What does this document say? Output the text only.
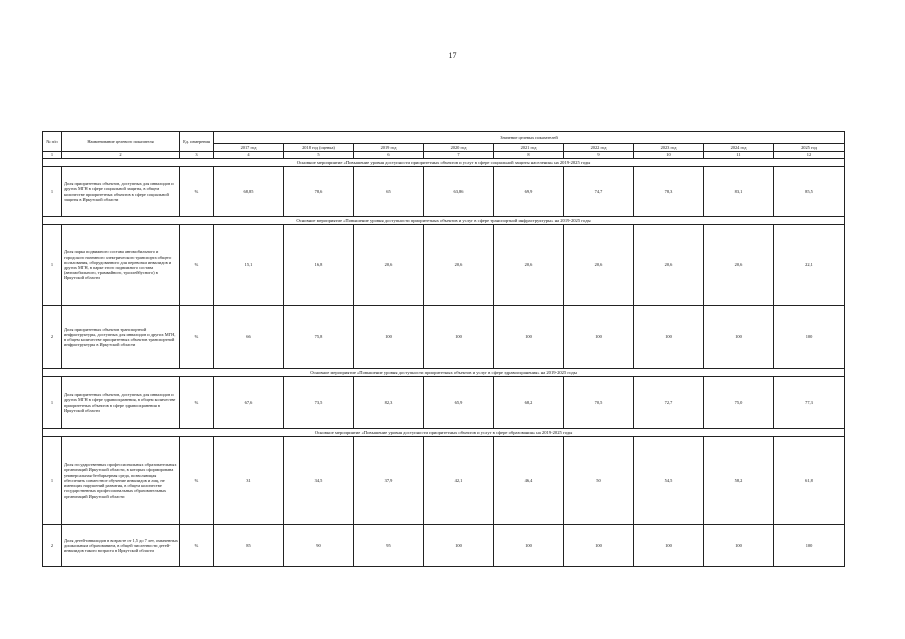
17
№ п/п	Наименование целевого показателя	Ед. измерения	Значение целевых показателей								
			2017 год	2018 год (оценка)	2019 год	2020 год	2021 год	2022 год	2023 год	2024 год	2025 год
1	2	3	4	5	6	7	8	9	10	11	12
Основное мероприятие «Повышение уровня доступности приоритетных объектов и услуг в сфере социальной защиты населения» на 2019-2025 годы											
1	Доля приоритетных объектов, доступных для инвалидов и других МГН в сфере социальной защиты, в общем количестве приоритетных объектов в сфере социальной защиты в Иркутской области	%	68,85	78,6	65	63,86	69,9	74,7	78,3	83,1	85,5
Основное мероприятие «Повышение уровня доступности приоритетных объектов и услуг в сфере транспортной инфраструктуры» на 2019-2025 годы											
1	Доля парка подвижного состава автомобильного и городского наземного электрического транспорта общего пользования, оборудованного для перевозки инвалидов и других МГН, в парке этого подвижного состава (автомобильного, трамвайного, троллейбусного) в Иркутской области	%	15,1	16,8	20,6	20,6	20,6	20,6	20,6	20,6	22,1
2	Доля приоритетных объектов транспортной инфраструктуры, доступных для инвалидов и других МГН, в общем количестве приоритетных объектов транспортной инфраструктуры в Иркутской области	%	66	75,8	100	100	100	100	100	100	100
Основное мероприятие «Повышение уровня доступности приоритетных объектов и услуг в сфере здравоохранения» на 2019-2025 годы											
1	Доля приоритетных объектов, доступных для инвалидов и других МГН в сфере здравоохранения, в общем количестве приоритетных объектов в сфере здравоохранения в Иркутской области	%	67,6	73,5	82,3	65,9	68,2	70,5	72,7	75,0	77,3
Основное мероприятие «Повышение уровня доступности приоритетных объектов и услуг в сфере образования» на 2019-2025 годы											
1	Доля государственных профессиональных образовательных организаций Иркутской области, в которых сформирована универсальная безбарьерная среда, позволяющая обеспечить совместное обучение инвалидов и лиц, не имеющих нарушений развития, в общем количестве государственных профессиональных образовательных организаций Иркутской области	%	31	34,5	37,9	42,1	46,4	50	54,5	58,2	61,8
2	Доля детей-инвалидов в возрасте от 1,5 до 7 лет, охваченных дошкольным образованием, в общей численности детей-инвалидов такого возраста в Иркутской области	%	85	90	95	100	100	100	100	100	100
